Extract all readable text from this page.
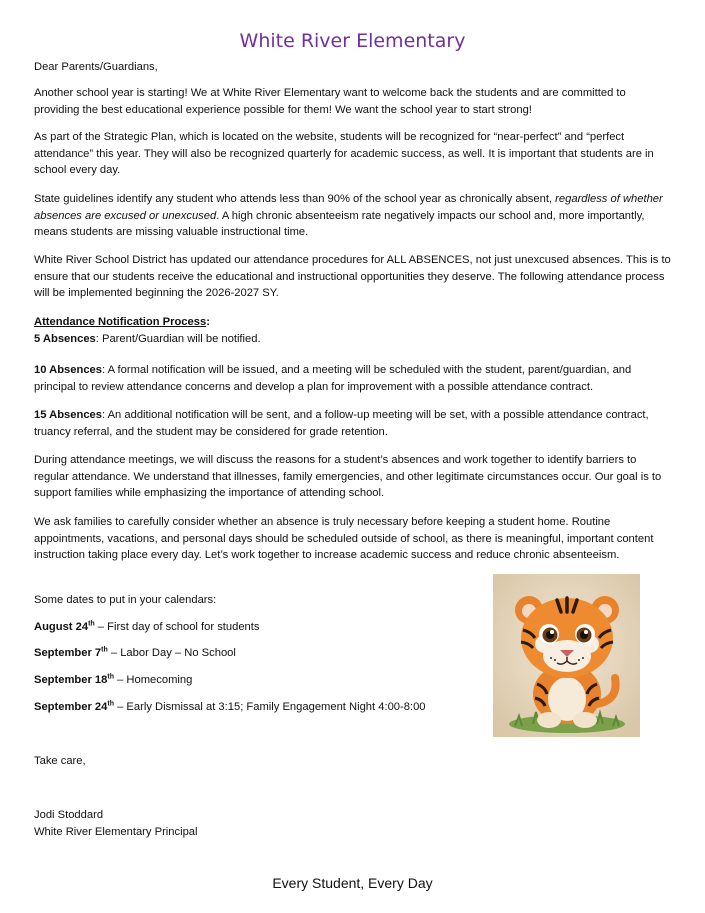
White River Elementary

Dear Parents/Guardians,

Another school year is starting! We at White River Elementary want to welcome back the students and are committed to providing the best educational experience possible for them! We want the school year to start strong!

As part of the Strategic Plan, which is located on the website, students will be recognized for “near-perfect” and “perfect attendance” this year. They will also be recognized quarterly for academic success, as well. It is important that students are in school every day.

State guidelines identify any student who attends less than 90% of the school year as chronically absent, regardless of whether absences are excused or unexcused. A high chronic absenteeism rate negatively impacts our school and, more importantly, means students are missing valuable instructional time.

White River School District has updated our attendance procedures for ALL ABSENCES, not just unexcused absences. This is to ensure that our students receive the educational and instructional opportunities they deserve. The following attendance process will be implemented beginning the 2026-2027 SY.

Attendance Notification Process:
5 Absences: Parent/Guardian will be notified.

10 Absences: A formal notification will be issued, and a meeting will be scheduled with the student, parent/guardian, and principal to review attendance concerns and develop a plan for improvement with a possible attendance contract.

15 Absences: An additional notification will be sent, and a follow-up meeting will be set, with a possible attendance contract, truancy referral, and the student may be considered for grade retention.

During attendance meetings, we will discuss the reasons for a student’s absences and work together to identify barriers to regular attendance. We understand that illnesses, family emergencies, and other legitimate circumstances occur. Our goal is to support families while emphasizing the importance of attending school.

We ask families to carefully consider whether an absence is truly necessary before keeping a student home. Routine appointments, vacations, and personal days should be scheduled outside of school, as there is meaningful, important content instruction taking place every day. Let’s work together to increase academic success and reduce chronic absenteeism.

Some dates to put in your calendars:

August 24th – First day of school for students

September 7th – Labor Day – No School

September 18th – Homecoming

September 24th – Early Dismissal at 3:15; Family Engagement Night 4:00-8:00

Take care,

Jodi Stoddard
White River Elementary Principal

Every Student, Every Day
